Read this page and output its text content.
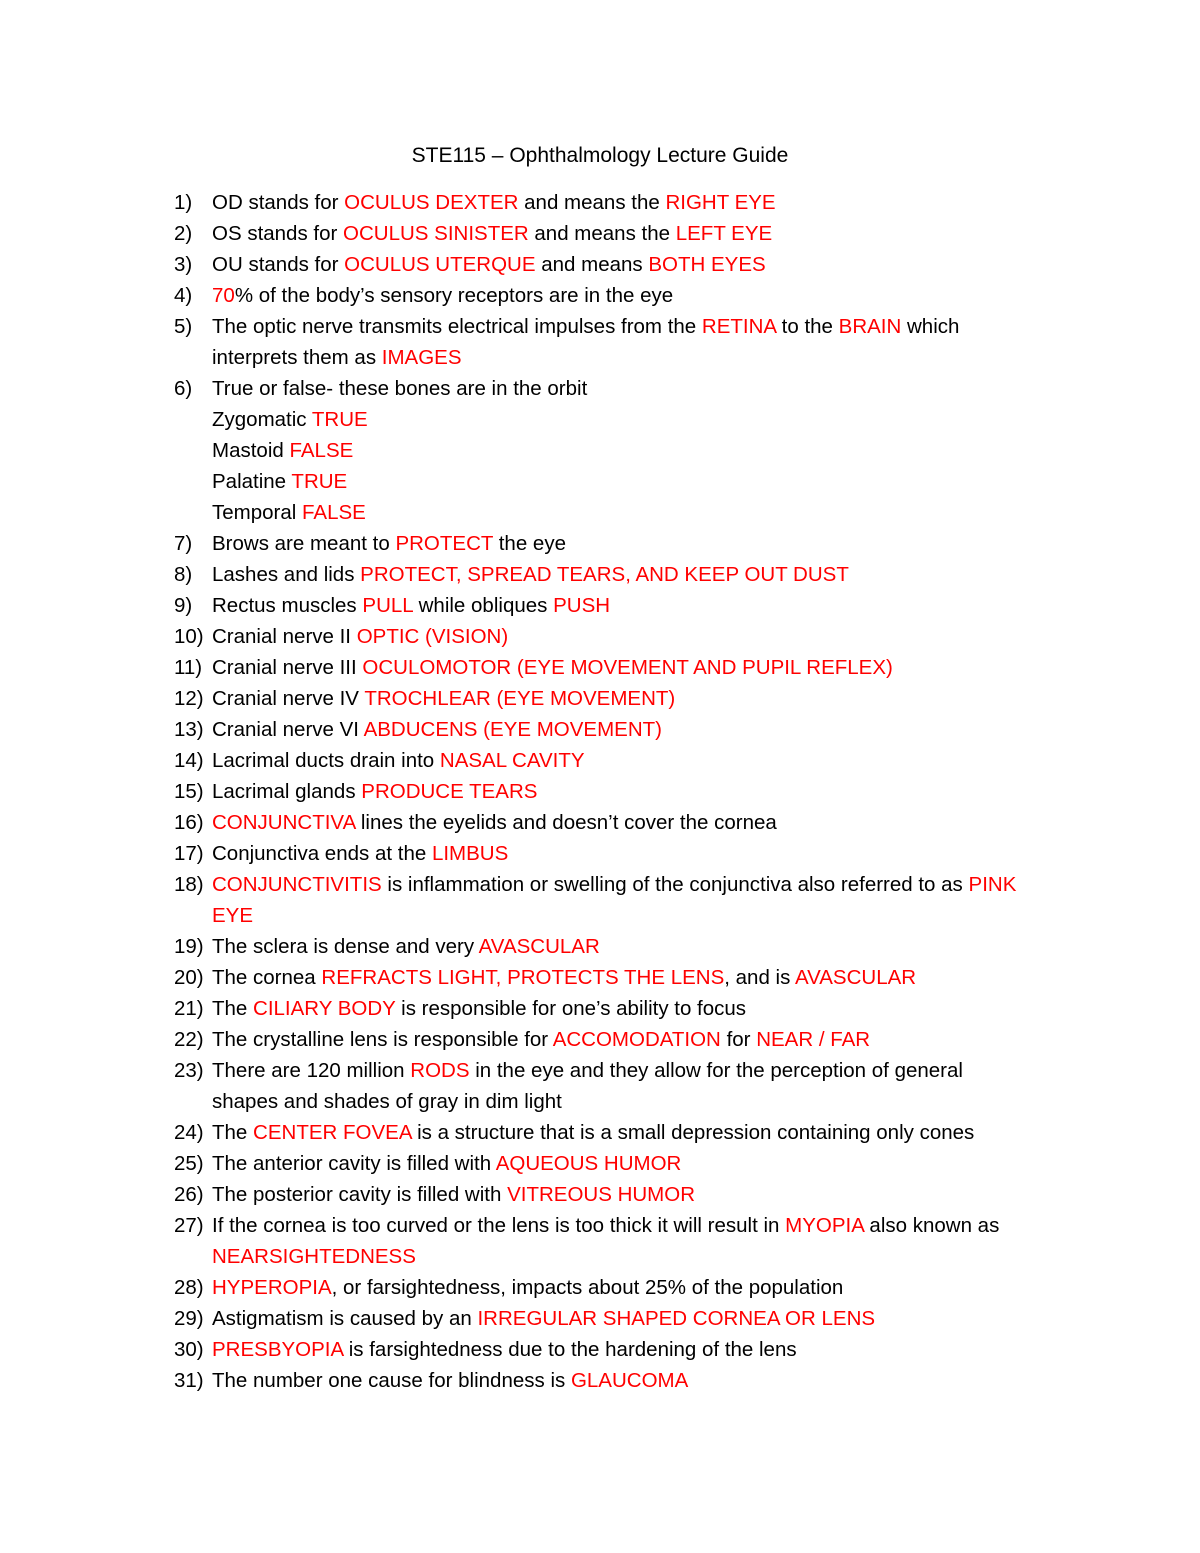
STE115 – Ophthalmology Lecture Guide
1) OD stands for OCULUS DEXTER and means the RIGHT EYE
2) OS stands for OCULUS SINISTER and means the LEFT EYE
3) OU stands for OCULUS UTERQUE and means BOTH EYES
4) 70% of the body’s sensory receptors are in the eye
5) The optic nerve transmits electrical impulses from the RETINA to the BRAIN which
interprets them as IMAGES
6) True or false- these bones are in the orbit
Zygomatic TRUE
Mastoid FALSE
Palatine TRUE
Temporal FALSE
7) Brows are meant to PROTECT the eye
8) Lashes and lids PROTECT, SPREAD TEARS, AND KEEP OUT DUST
9) Rectus muscles PULL while obliques PUSH
10) Cranial nerve II OPTIC (VISION)
11) Cranial nerve III OCULOMOTOR (EYE MOVEMENT AND PUPIL REFLEX)
12) Cranial nerve IV TROCHLEAR (EYE MOVEMENT)
13) Cranial nerve VI ABDUCENS (EYE MOVEMENT)
14) Lacrimal ducts drain into NASAL CAVITY
15) Lacrimal glands PRODUCE TEARS
16) CONJUNCTIVA lines the eyelids and doesn’t cover the cornea
17) Conjunctiva ends at the LIMBUS
18) CONJUNCTIVITIS is inflammation or swelling of the conjunctiva also referred to as PINK
EYE
19) The sclera is dense and very AVASCULAR
20) The cornea REFRACTS LIGHT, PROTECTS THE LENS, and is AVASCULAR
21) The CILIARY BODY is responsible for one’s ability to focus
22) The crystalline lens is responsible for ACCOMODATION for NEAR / FAR
23) There are 120 million RODS in the eye and they allow for the perception of general
shapes and shades of gray in dim light
24) The CENTER FOVEA is a structure that is a small depression containing only cones
25) The anterior cavity is filled with AQUEOUS HUMOR
26) The posterior cavity is filled with VITREOUS HUMOR
27) If the cornea is too curved or the lens is too thick it will result in MYOPIA also known as
NEARSIGHTEDNESS
28) HYPEROPIA, or farsightedness, impacts about 25% of the population
29) Astigmatism is caused by an IRREGULAR SHAPED CORNEA OR LENS
30) PRESBYOPIA is farsightedness due to the hardening of the lens
31) The number one cause for blindness is GLAUCOMA
